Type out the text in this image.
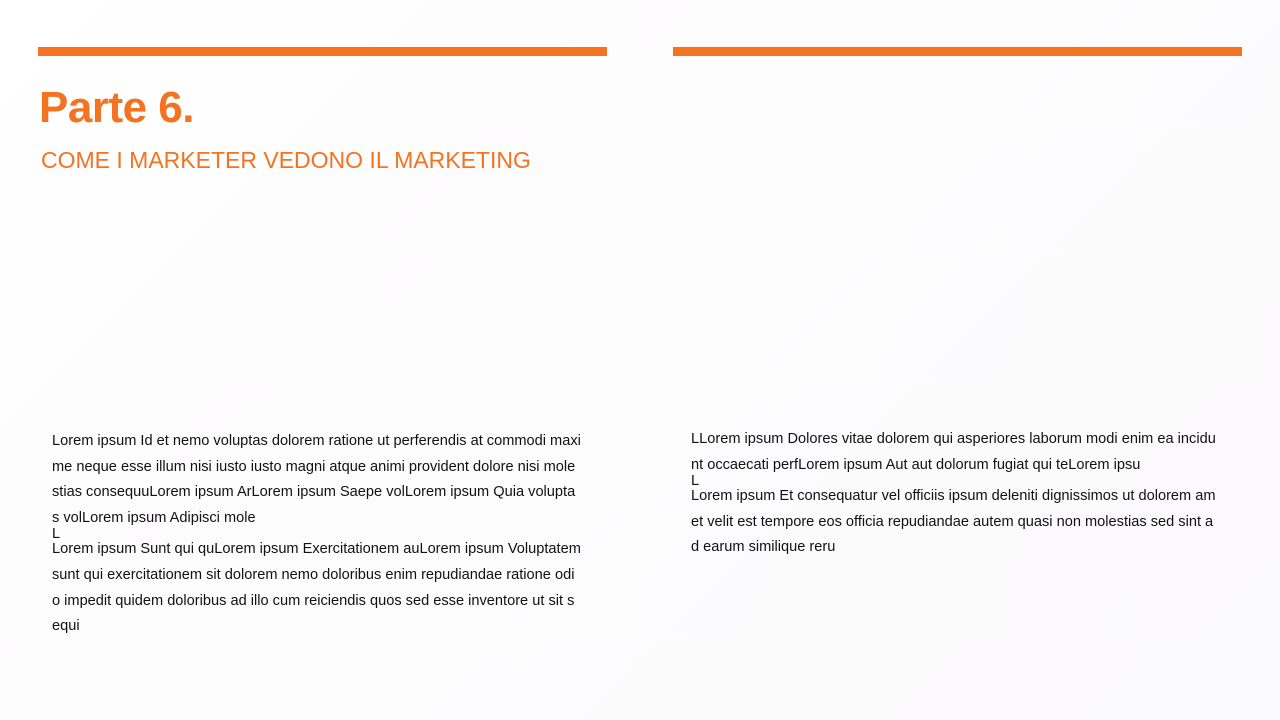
Parte 6.
COME I MARKETER VEDONO IL MARKETING

Lorem ipsum Id et nemo voluptas dolorem ratione ut perferendis at commodi maxime neque esse illum nisi iusto iusto magni atque animi provident dolore nisi molestias consequuLorem ipsum ArLorem ipsum Saepe volLorem ipsum Quia voluptas volLorem ipsum Adipisci mole

L

Lorem ipsum Sunt qui quLorem ipsum Exercitationem auLorem ipsum Voluptatem sunt qui exercitationem sit dolorem nemo doloribus enim repudiandae ratione odio impedit quidem doloribus ad illo cum reiciendis quos sed esse inventore ut sit sequi

LLorem ipsum Dolores vitae dolorem qui asperiores laborum modi enim ea incidunt occaecati perfLorem ipsum Aut aut dolorum fugiat qui teLorem ipsu

L

Lorem ipsum Et consequatur vel officiis ipsum deleniti dignissimos ut dolorem amet velit est tempore eos officia repudiandae autem quasi non molestias sed sint ad earum similique reru
